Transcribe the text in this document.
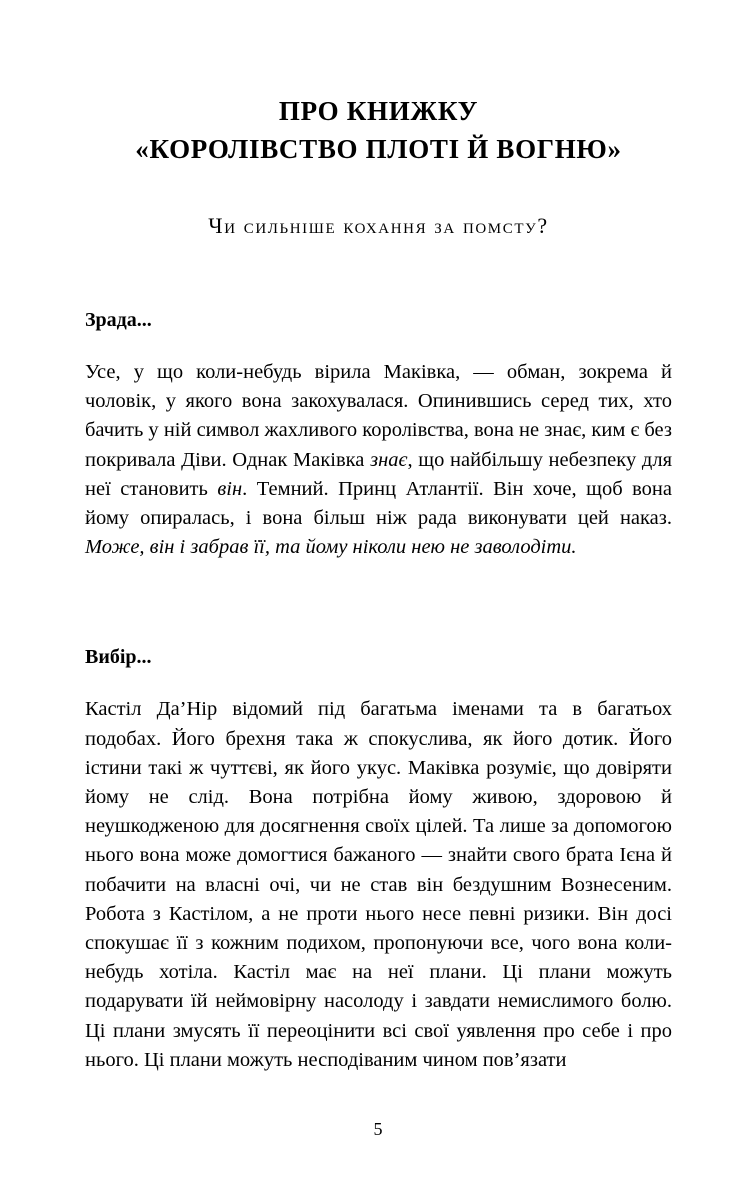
ПРО КНИЖКУ
«КОРОЛІВСТВО ПЛОТІ Й ВОГНЮ»
Чи сильніше кохання за помсту?
Зрада...

Усе, у що коли-небудь вірила Маківка, — обман, зокрема й чоловік, у якого вона закохувалася. Опинившись серед тих, хто бачить у ній символ жахливого королівства, вона не знає, ким є без покривала Діви. Однак Маківка знає, що найбільшу небезпеку для неї становить він. Темний. Принц Атлантії. Він хоче, щоб вона йому опиралась, і вона більш ніж рада виконувати цей наказ. Може, він і забрав її, та йому ніколи нею не заволодіти.

Вибір...

Кастіл Да’Нір відомий під багатьма іменами та в багатьох подобах. Його брехня така ж спокуслива, як його дотик. Його істини такі ж чуттєві, як його укус. Маківка розуміє, що довіряти йому не слід. Вона потрібна йому живою, здоровою й неушкодженою для досягнення своїх цілей. Та лише за допомогою нього вона може домогтися бажаного — знайти свого брата Ієна й побачити на власні очі, чи не став він бездушним Вознесеним. Робота з Кастілом, а не проти нього несе певні ризики. Він досі спокушає її з кожним подихом, пропонуючи все, чого вона коли-небудь хотіла. Кастіл має на неї плани. Ці плани можуть подарувати їй неймовірну насолоду і завдати немислимого болю. Ці плани змусять її переоцінити всі свої уявлення про себе і про нього. Ці плани можуть несподіваним чином пов’язати

5
